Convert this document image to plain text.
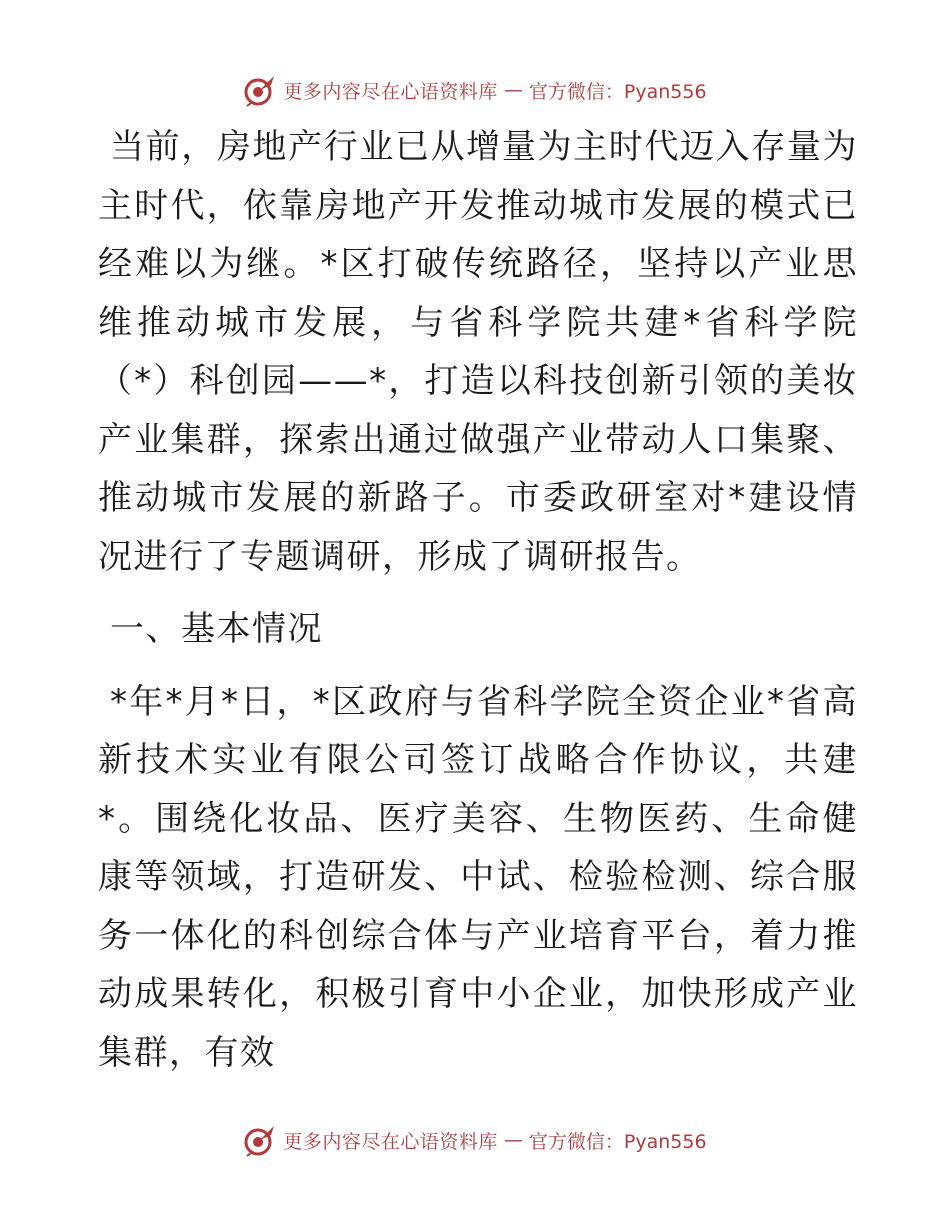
更多内容尽在心语资料库 — 官方微信：Pyan556

当前，房地产行业已从增量为主时代迈入存量为主时代，依靠房地产开发推动城市发展的模式已经难以为继。*区打破传统路径，坚持以产业思维推动城市发展，与省科学院共建*省科学院（*）科创园——*，打造以科技创新引领的美妆产业集群，探索出通过做强产业带动人口集聚、推动城市发展的新路子。市委政研室对*建设情况进行了专题调研，形成了调研报告。

一、基本情况

*年*月*日，*区政府与省科学院全资企业*省高新技术实业有限公司签订战略合作协议，共建*。围绕化妆品、医疗美容、生物医药、生命健康等领域，打造研发、中试、检验检测、综合服务一体化的科创综合体与产业培育平台，着力推动成果转化，积极引育中小企业，加快形成产业集群，有效

更多内容尽在心语资料库 — 官方微信：Pyan556
